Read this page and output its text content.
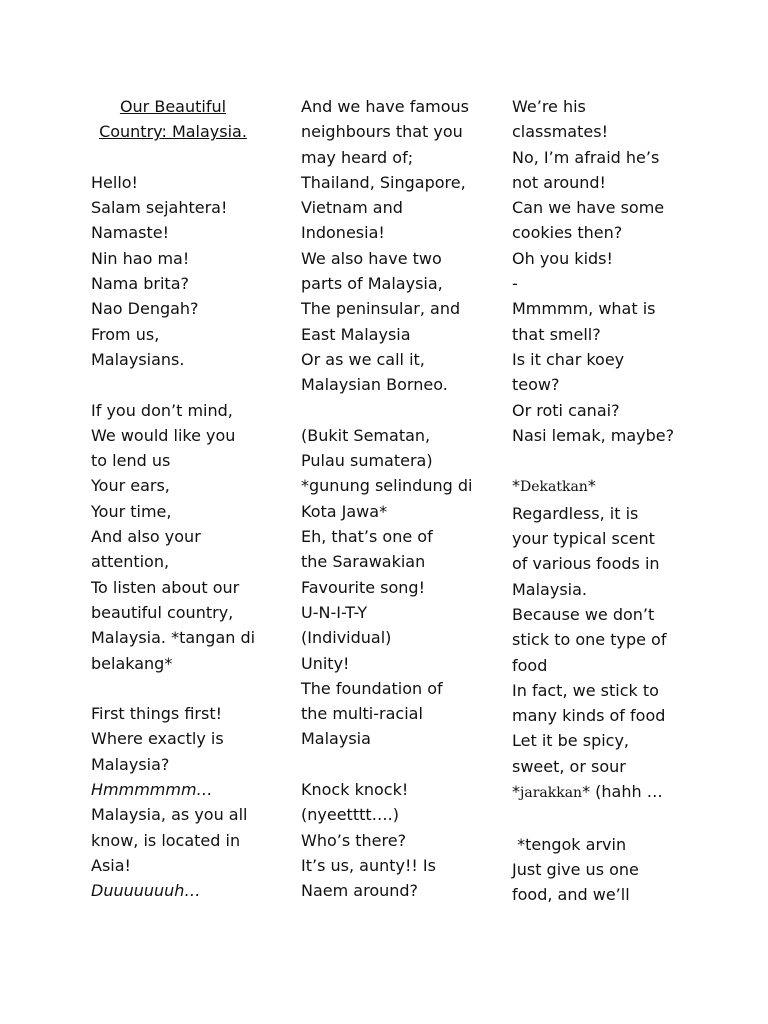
Our Beautiful
Country: Malaysia.
Hello!
Salam sejahtera!
Namaste!
Nin hao ma!
Nama brita?
Nao Dengah?
From us,
Malaysians.
If you don’t mind,
We would like you
to lend us
Your ears,
Your time,
And also your
attention,
To listen about our
beautiful country,
Malaysia. *tangan di
belakang*
First things first!
Where exactly is
Malaysia?
Hmmmmmm…
Malaysia, as you all
know, is located in
Asia!
Duuuuuuuh…
And we have famous
neighbours that you
may heard of;
Thailand, Singapore,
Vietnam and
Indonesia!
We also have two
parts of Malaysia,
The peninsular, and
East Malaysia
Or as we call it,
Malaysian Borneo.
(Bukit Sematan,
Pulau sumatera)
*gunung selindung di
Kota Jawa*
Eh, that’s one of
the Sarawakian
Favourite song!
U-N-I-T-Y
(Individual)
Unity!
The foundation of
the multi-racial
Malaysia
Knock knock!
(nyeetttt….)
Who’s there?
It’s us, aunty!! Is
Naem around?
We’re his
classmates!
No, I’m afraid he’s
not around!
Can we have some
cookies then?
Oh you kids!
-
Mmmmm, what is
that smell?
Is it char koey
teow?
Or roti canai?
Nasi lemak, maybe?
*Dekatkan*
Regardless, it is
your typical scent
of various foods in
Malaysia.
Because we don’t
stick to one type of
food
In fact, we stick to
many kinds of food
Let it be spicy,
sweet, or sour
*jarakkan* (hahh …
*tengok arvin
Just give us one
food, and we’ll
